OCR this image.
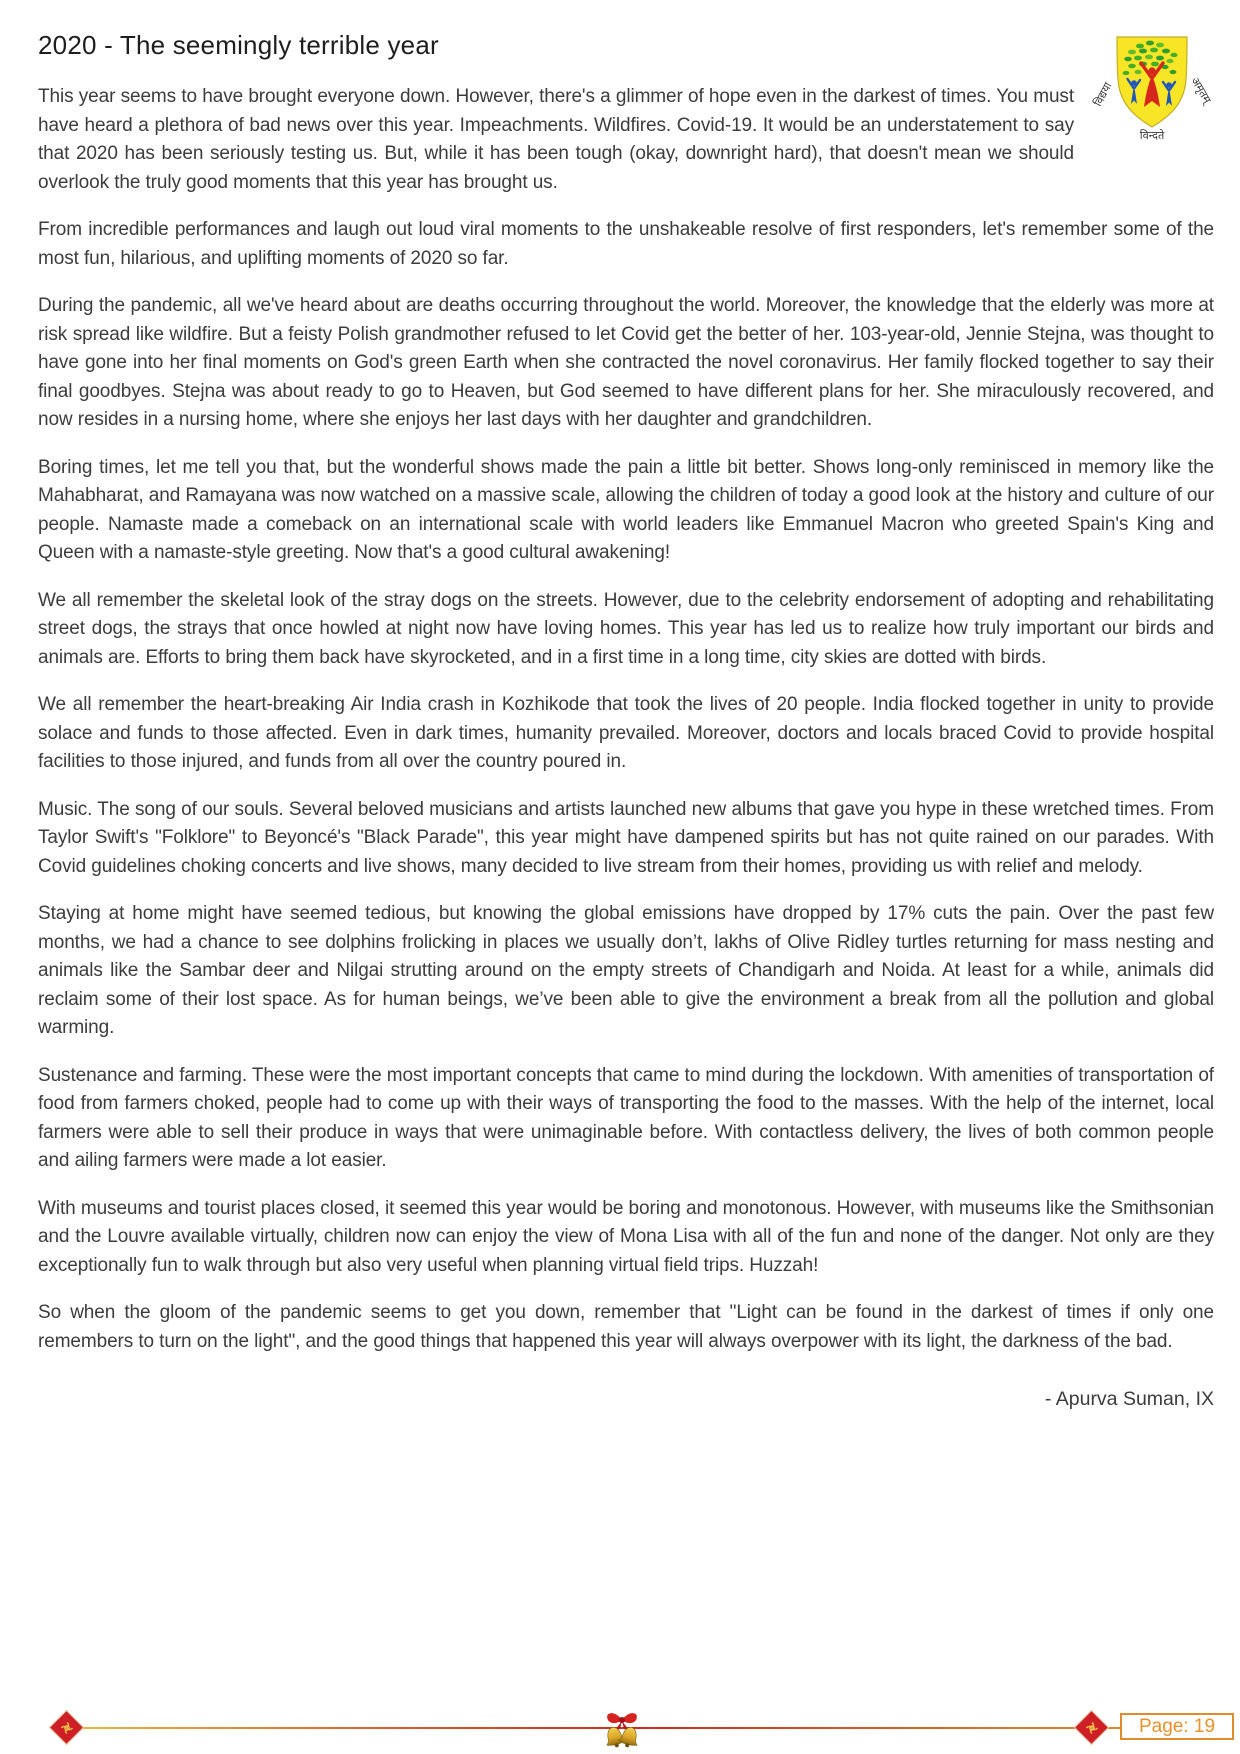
विद्यया	अमृतम्
विन्दते
2020 - The seemingly terrible year

This year seems to have brought everyone down. However, there's a glimmer of hope even in the darkest of times. You must have heard a plethora of bad news over this year. Impeachments. Wildfires. Covid-19. It would be an understatement to say that 2020 has been seriously testing us. But, while it has been tough (okay, downright hard), that doesn't mean we should overlook the truly good moments that this year has brought us.

From incredible performances and laugh out loud viral moments to the unshakeable resolve of first responders, let's remember some of the most fun, hilarious, and uplifting moments of 2020 so far.

During the pandemic, all we've heard about are deaths occurring throughout the world. Moreover, the knowledge that the elderly was more at risk spread like wildfire. But a feisty Polish grandmother refused to let Covid get the better of her. 103-year-old, Jennie Stejna, was thought to have gone into her final moments on God's green Earth when she contracted the novel coronavirus. Her family flocked together to say their final goodbyes. Stejna was about ready to go to Heaven, but God seemed to have different plans for her. She miraculously recovered, and now resides in a nursing home, where she enjoys her last days with her daughter and grandchildren.

Boring times, let me tell you that, but the wonderful shows made the pain a little bit better. Shows long-only reminisced in memory like the Mahabharat, and Ramayana was now watched on a massive scale, allowing the children of today a good look at the history and culture of our people. Namaste made a comeback on an international scale with world leaders like Emmanuel Macron who greeted Spain's King and Queen with a namaste-style greeting. Now that's a good cultural awakening!

We all remember the skeletal look of the stray dogs on the streets. However, due to the celebrity endorsement of adopting and rehabilitating street dogs, the strays that once howled at night now have loving homes. This year has led us to realize how truly important our birds and animals are. Efforts to bring them back have skyrocketed, and in a first time in a long time, city skies are dotted with birds.

We all remember the heart-breaking Air India crash in Kozhikode that took the lives of 20 people. India flocked together in unity to provide solace and funds to those affected. Even in dark times, humanity prevailed. Moreover, doctors and locals braced Covid to provide hospital facilities to those injured, and funds from all over the country poured in.

Music. The song of our souls. Several beloved musicians and artists launched new albums that gave you hype in these wretched times. From Taylor Swift's "Folklore" to Beyoncé's "Black Parade", this year might have dampened spirits but has not quite rained on our parades. With Covid guidelines choking concerts and live shows, many decided to live stream from their homes, providing us with relief and melody.

Staying at home might have seemed tedious, but knowing the global emissions have dropped by 17% cuts the pain. Over the past few months, we had a chance to see dolphins frolicking in places we usually don’t, lakhs of Olive Ridley turtles returning for mass nesting and animals like the Sambar deer and Nilgai strutting around on the empty streets of Chandigarh and Noida. At least for a while, animals did reclaim some of their lost space. As for human beings, we’ve been able to give the environment a break from all the pollution and global warming.

Sustenance and farming. These were the most important concepts that came to mind during the lockdown. With amenities of transportation of food from farmers choked, people had to come up with their ways of transporting the food to the masses. With the help of the internet, local farmers were able to sell their produce in ways that were unimaginable before. With contactless delivery, the lives of both common people and ailing farmers were made a lot easier.

With museums and tourist places closed, it seemed this year would be boring and monotonous. However, with museums like the Smithsonian and the Louvre available virtually, children now can enjoy the view of Mona Lisa with all of the fun and none of the danger. Not only are they exceptionally fun to walk through but also very useful when planning virtual field trips. Huzzah!

So when the gloom of the pandemic seems to get you down, remember that "Light can be found in the darkest of times if only one remembers to turn on the light", and the good things that happened this year will always overpower with its light, the darkness of the bad.

- Apurva Suman, IX
Page: 19
